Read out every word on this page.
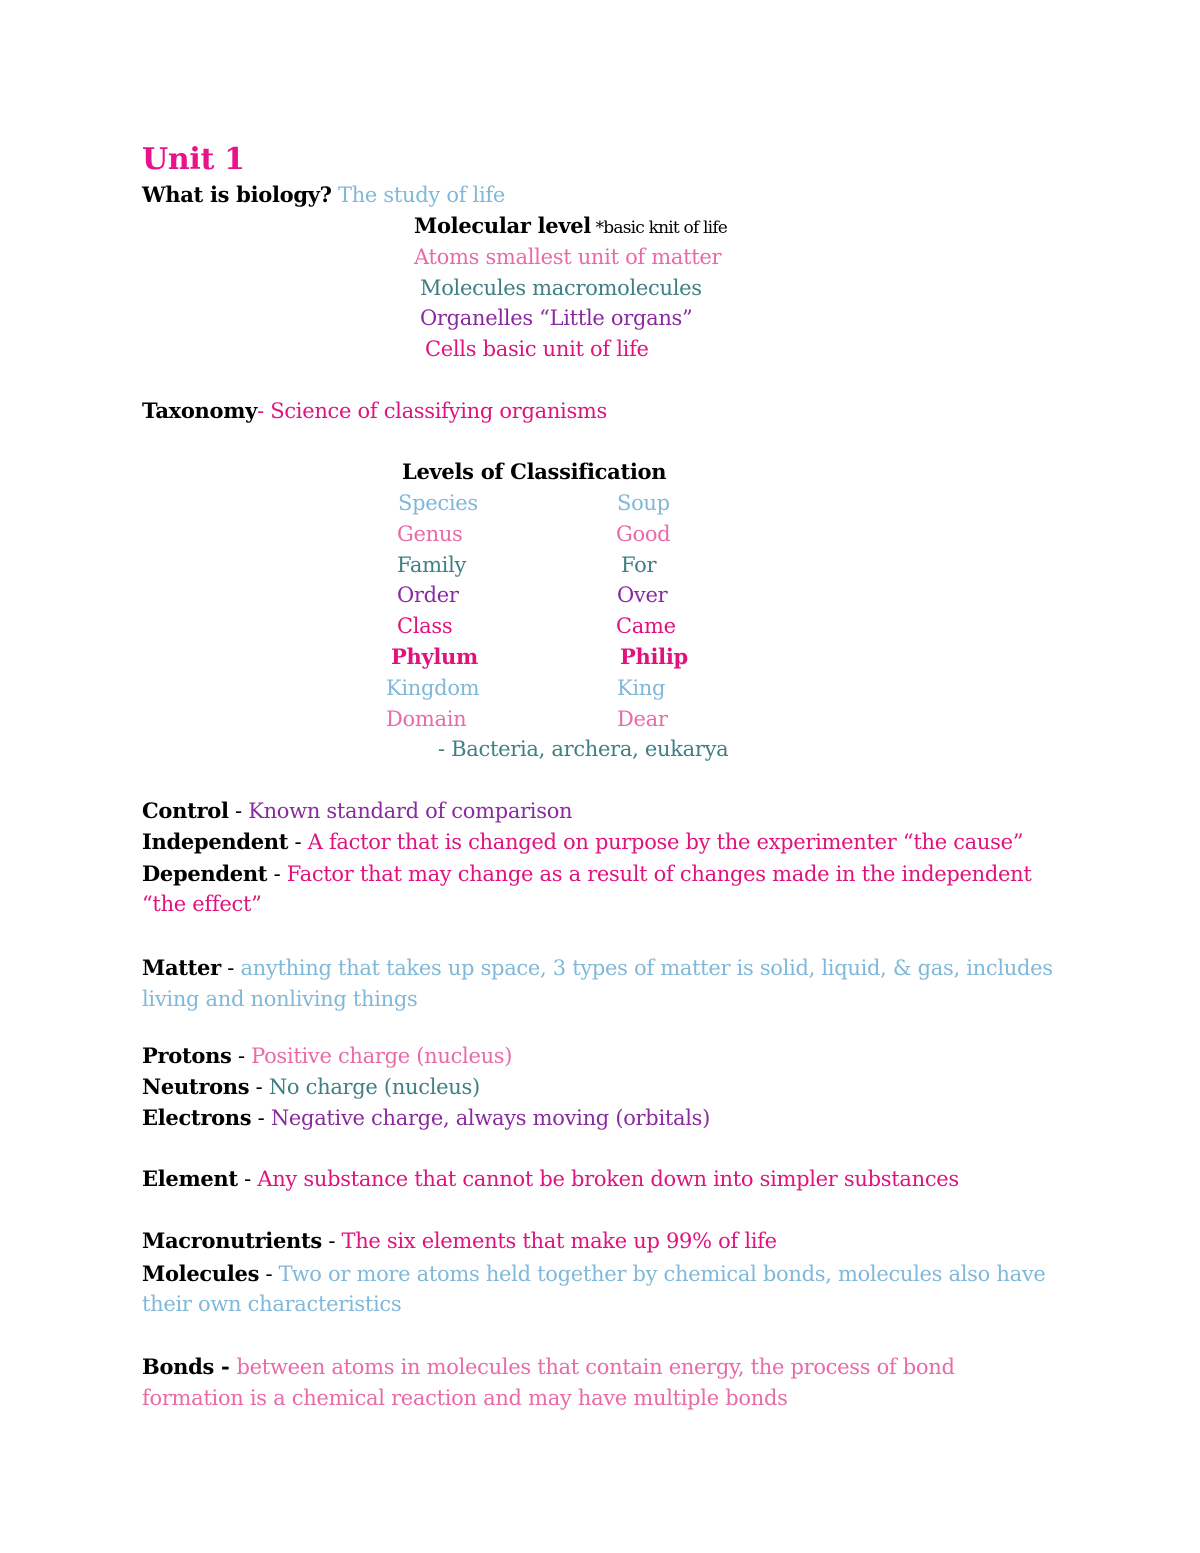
Unit 1
What is biology? The study of life
Molecular level *basic knit of life
Atoms smallest unit of matter
Molecules macromolecules
Organelles “Little organs”
Cells basic unit of life
Taxonomy- Science of classifying organisms
Levels of Classification
Species
Genus
Family
Order
Class
Phylum
Kingdom
Domain
Soup
Good
For
Over
Came
Philip
King
Dear
- Bacteria, archera, eukarya
Control - Known standard of comparison
Independent - A factor that is changed on purpose by the experimenter “the cause”
Dependent - Factor that may change as a result of changes made in the independent “the effect”
Matter - anything that takes up space, 3 types of matter is solid, liquid, & gas, includes living and nonliving things
Protons - Positive charge (nucleus)
Neutrons - No charge (nucleus)
Electrons - Negative charge, always moving (orbitals)
Element - Any substance that cannot be broken down into simpler substances
Macronutrients - The six elements that make up 99% of life
Molecules - Two or more atoms held together by chemical bonds, molecules also have their own characteristics
Bonds - between atoms in molecules that contain energy, the process of bond formation is a chemical reaction and may have multiple bonds
